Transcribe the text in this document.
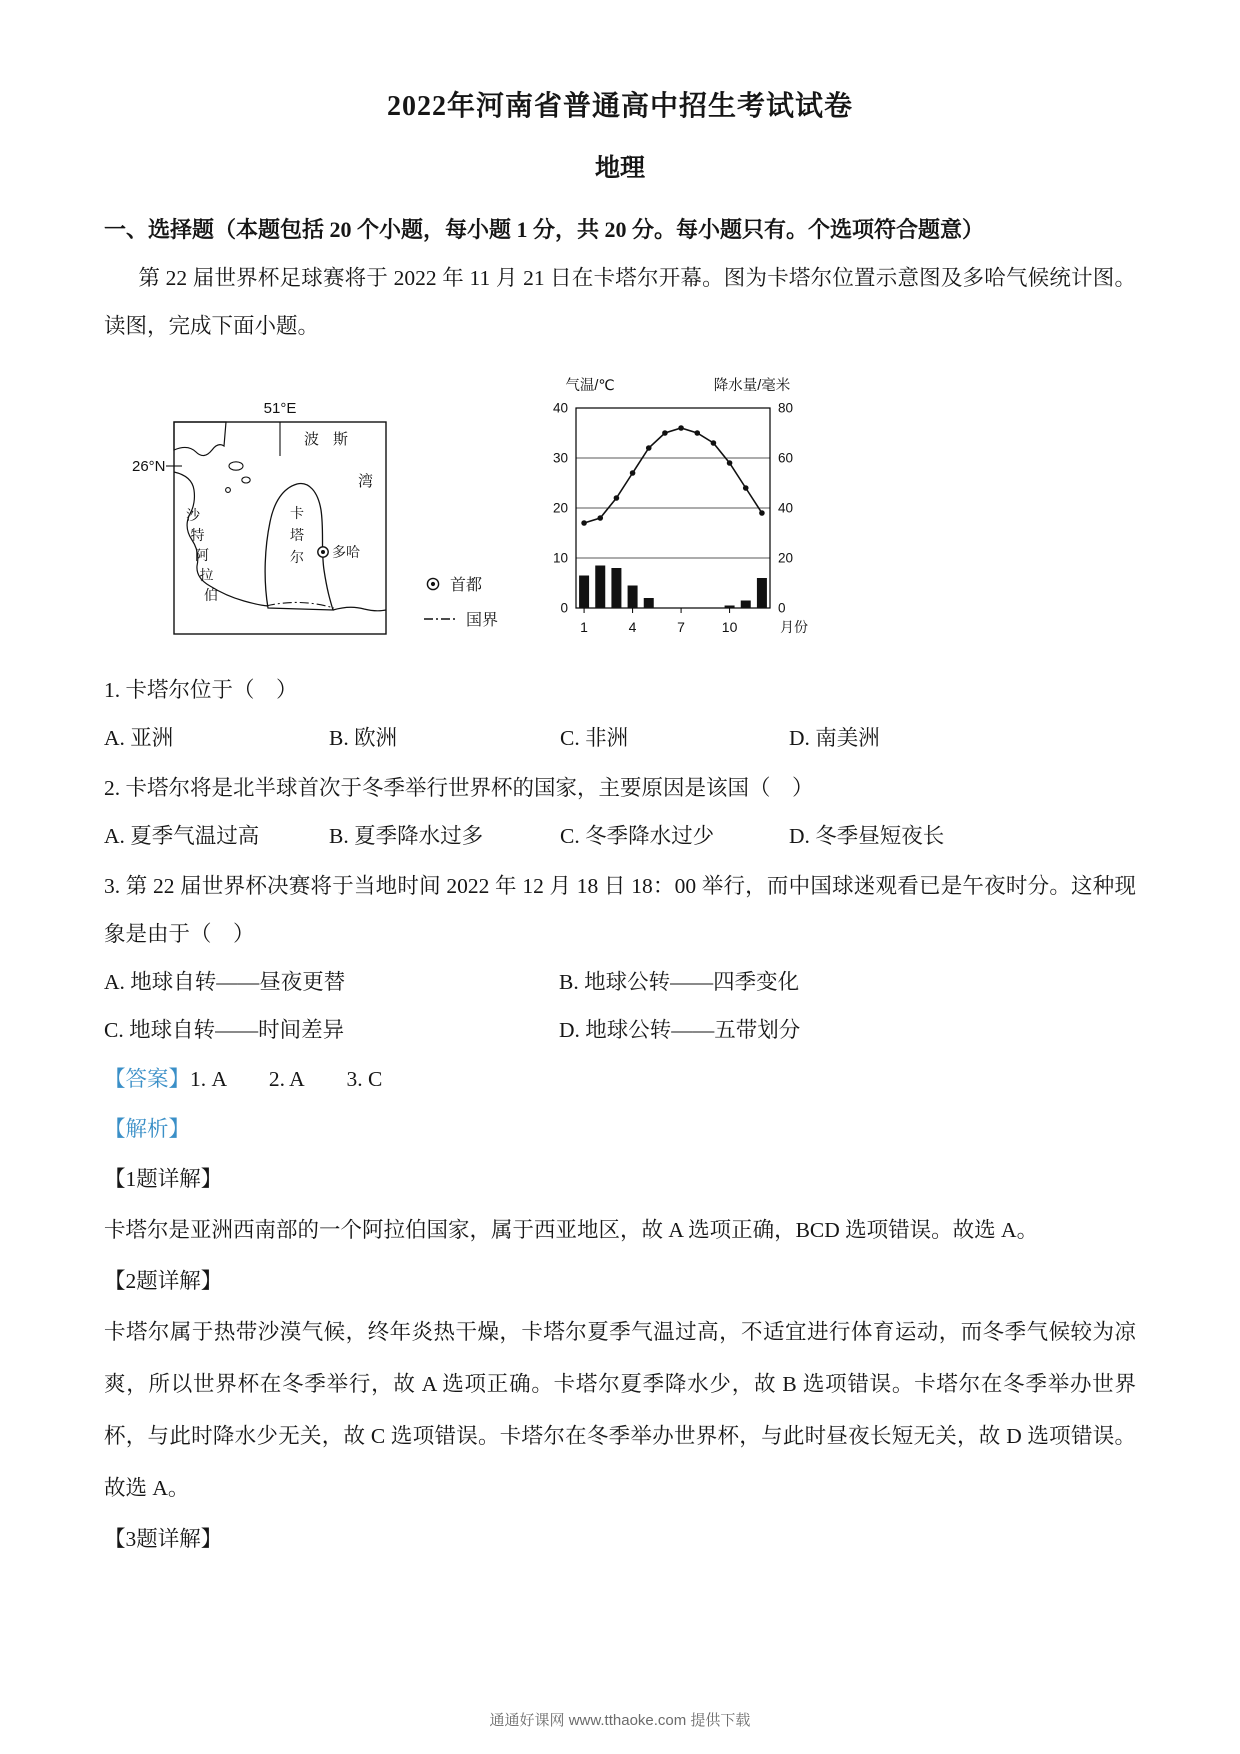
2022年河南省普通高中招生考试试卷
地理
一、选择题（本题包括 20 个小题，每小题 1 分，共 20 分。每小题只有。个选项符合题意）

第 22 届世界杯足球赛将于 2022 年 11 月 21 日在卡塔尔开幕。图为卡塔尔位置示意图及多哈气候统计图。读图，完成下面小题。

51°E
26°N
波斯
湾
卡塔尔 多哈
沙特阿拉伯
首都
国界
0
10
20
30
40
0
20
40
60
80
1	4	7	10	月份
气温/℃	降水量/毫米

1. 卡塔尔位于（　）

A. 亚洲	B. 欧洲	C. 非洲	D. 南美洲

2. 卡塔尔将是北半球首次于冬季举行世界杯的国家，主要原因是该国（　）

A. 夏季气温过高	B. 夏季降水过多	C. 冬季降水过少	D. 冬季昼短夜长

3. 第 22 届世界杯决赛将于当地时间 2022 年 12 月 18 日 18：00 举行，而中国球迷观看已是午夜时分。这种现象是由于（　）

A. 地球自转——昼夜更替	B. 地球公转——四季变化
C. 地球自转——时间差异	D. 地球公转——五带划分

【答案】1. A　　2. A　　3. C

【解析】

【1题详解】

卡塔尔是亚洲西南部的一个阿拉伯国家，属于西亚地区，故 A 选项正确，BCD 选项错误。故选 A。

【2题详解】

卡塔尔属于热带沙漠气候，终年炎热干燥，卡塔尔夏季气温过高，不适宜进行体育运动，而冬季气候较为凉爽，所以世界杯在冬季举行，故 A 选项正确。卡塔尔夏季降水少，故 B 选项错误。卡塔尔在冬季举办世界杯，与此时降水少无关，故 C 选项错误。卡塔尔在冬季举办世界杯，与此时昼夜长短无关，故 D 选项错误。故选 A。

【3题详解】

通通好课网 www.tthaoke.com 提供下载
